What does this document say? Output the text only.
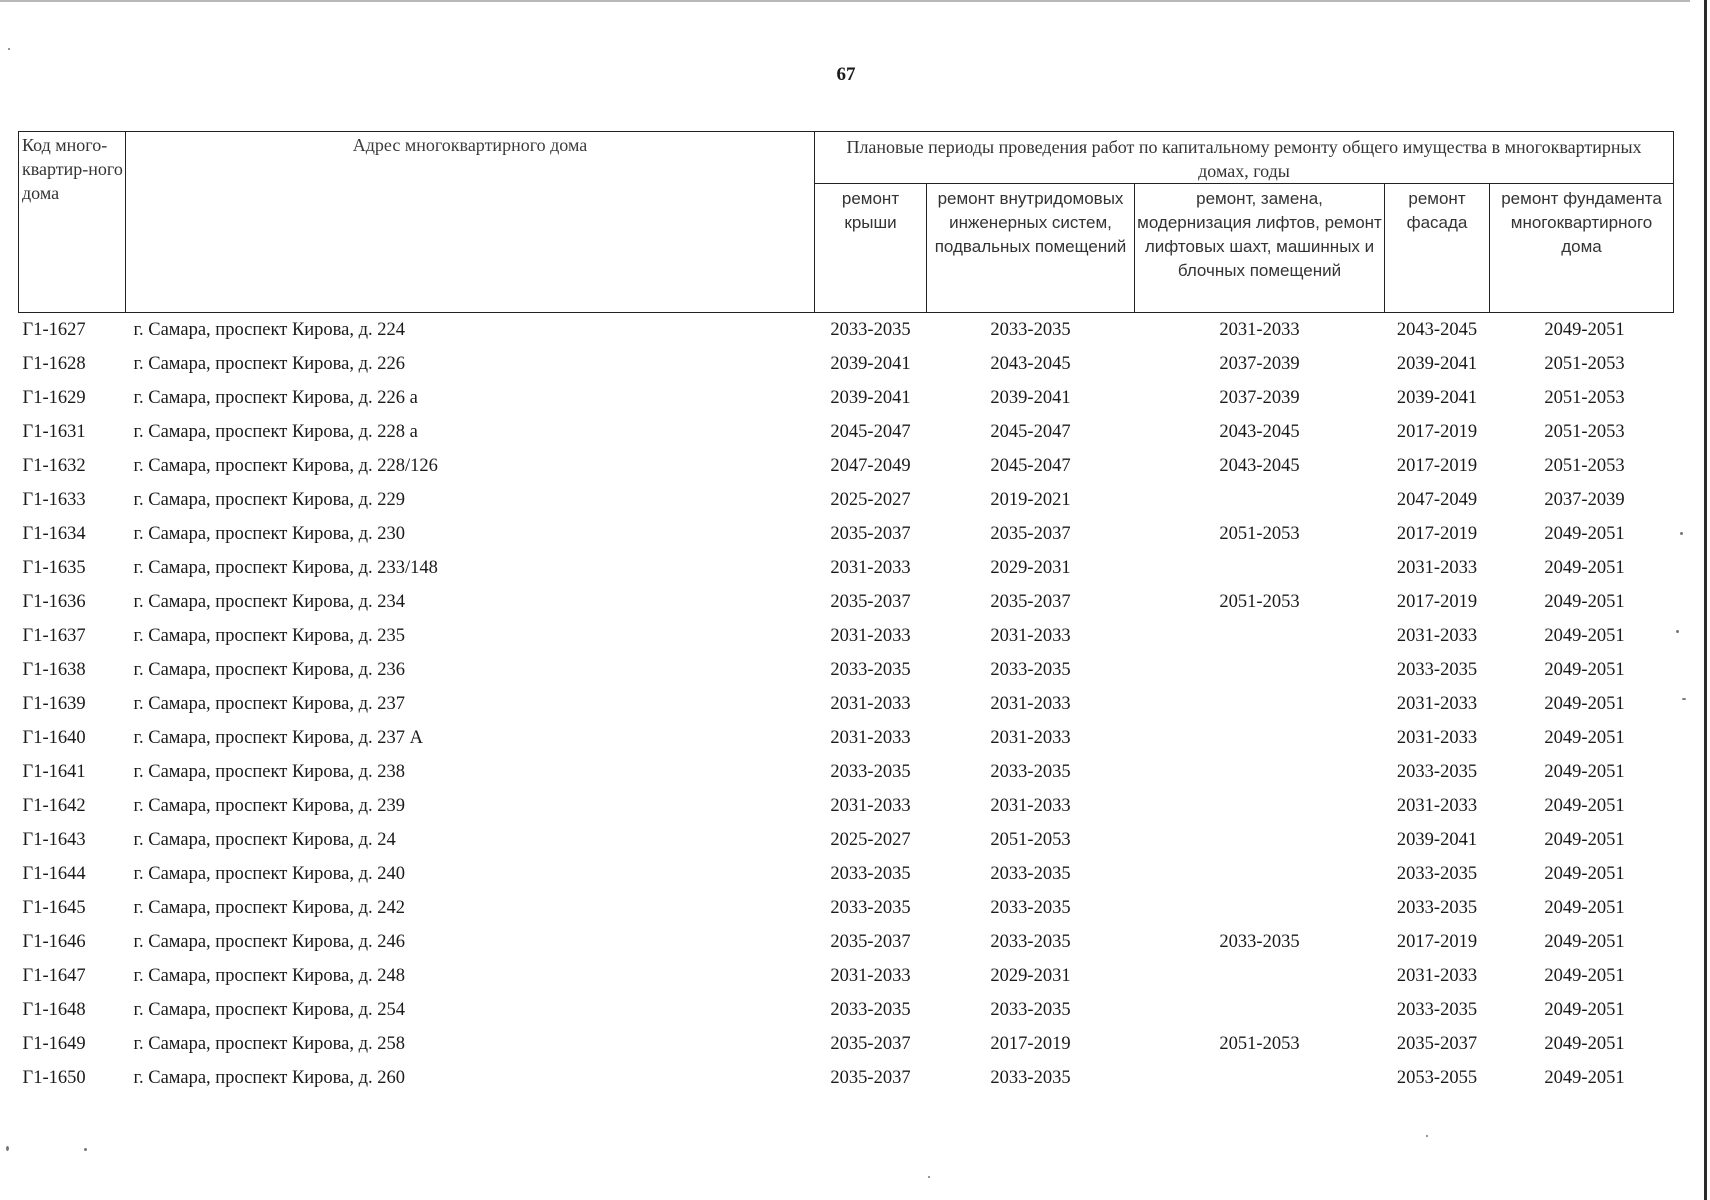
67
Код много-квартир-ного дома	Адрес многоквартирного дома	Плановые периоды проведения работ по капитальному ремонту общего имущества в многоквартирных домах, годы				
		ремонт крыши	ремонт внутридомовых инженерных систем, подвальных помещений	ремонт, замена, модернизация лифтов, ремонт лифтовых шахт, машинных и блочных помещений	ремонт фасада	ремонт фундамента многоквартирного дома
Г1-1627	г. Самара, проспект Кирова, д. 224	2033-2035	2033-2035	2031-2033	2043-2045	2049-2051
Г1-1628	г. Самара, проспект Кирова, д. 226	2039-2041	2043-2045	2037-2039	2039-2041	2051-2053
Г1-1629	г. Самара, проспект Кирова, д. 226 а	2039-2041	2039-2041	2037-2039	2039-2041	2051-2053
Г1-1631	г. Самара, проспект Кирова, д. 228 а	2045-2047	2045-2047	2043-2045	2017-2019	2051-2053
Г1-1632	г. Самара, проспект Кирова, д. 228/126	2047-2049	2045-2047	2043-2045	2017-2019	2051-2053
Г1-1633	г. Самара, проспект Кирова, д. 229	2025-2027	2019-2021		2047-2049	2037-2039
Г1-1634	г. Самара, проспект Кирова, д. 230	2035-2037	2035-2037	2051-2053	2017-2019	2049-2051
Г1-1635	г. Самара, проспект Кирова, д. 233/148	2031-2033	2029-2031		2031-2033	2049-2051
Г1-1636	г. Самара, проспект Кирова, д. 234	2035-2037	2035-2037	2051-2053	2017-2019	2049-2051
Г1-1637	г. Самара, проспект Кирова, д. 235	2031-2033	2031-2033		2031-2033	2049-2051
Г1-1638	г. Самара, проспект Кирова, д. 236	2033-2035	2033-2035		2033-2035	2049-2051
Г1-1639	г. Самара, проспект Кирова, д. 237	2031-2033	2031-2033		2031-2033	2049-2051
Г1-1640	г. Самара, проспект Кирова, д. 237 А	2031-2033	2031-2033		2031-2033	2049-2051
Г1-1641	г. Самара, проспект Кирова, д. 238	2033-2035	2033-2035		2033-2035	2049-2051
Г1-1642	г. Самара, проспект Кирова, д. 239	2031-2033	2031-2033		2031-2033	2049-2051
Г1-1643	г. Самара, проспект Кирова, д. 24	2025-2027	2051-2053		2039-2041	2049-2051
Г1-1644	г. Самара, проспект Кирова, д. 240	2033-2035	2033-2035		2033-2035	2049-2051
Г1-1645	г. Самара, проспект Кирова, д. 242	2033-2035	2033-2035		2033-2035	2049-2051
Г1-1646	г. Самара, проспект Кирова, д. 246	2035-2037	2033-2035	2033-2035	2017-2019	2049-2051
Г1-1647	г. Самара, проспект Кирова, д. 248	2031-2033	2029-2031		2031-2033	2049-2051
Г1-1648	г. Самара, проспект Кирова, д. 254	2033-2035	2033-2035		2033-2035	2049-2051
Г1-1649	г. Самара, проспект Кирова, д. 258	2035-2037	2017-2019	2051-2053	2035-2037	2049-2051
Г1-1650	г. Самара, проспект Кирова, д. 260	2035-2037	2033-2035		2053-2055	2049-2051
